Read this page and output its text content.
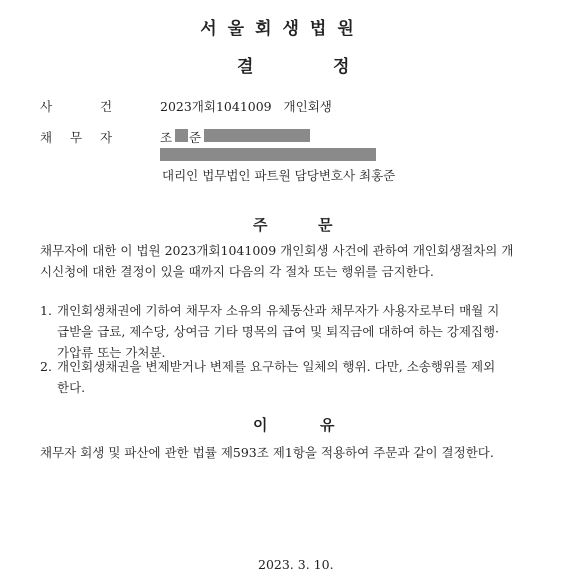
서울회생법원
결	정
사	건	2023개회1041009   개인회생
채 무 자	조 준
대리인 법무법인 파트원 담당변호사 최홍준
주	문
채무자에 대한 이 법원 2023개회1041009 개인회생 사건에 관하여 개인회생절차의 개
시신청에 대한 결정이 있을 때까지 다음의 각 절차 또는 행위를 금지한다.
1. 개인회생채권에 기하여 채무자 소유의 유체동산과 채무자가 사용자로부터 매월 지
급받을 급료, 제수당, 상여금 기타 명목의 급여 및 퇴직금에 대하여 하는 강제집행·
가압류 또는 가처분.
2. 개인회생채권을 변제받거나 변제를 요구하는 일체의 행위. 다만, 소송행위를 제외
한다.
이	유
채무자 회생 및 파산에 관한 법률 제593조 제1항을 적용하여 주문과 같이 결정한다.
2023. 3. 10.
